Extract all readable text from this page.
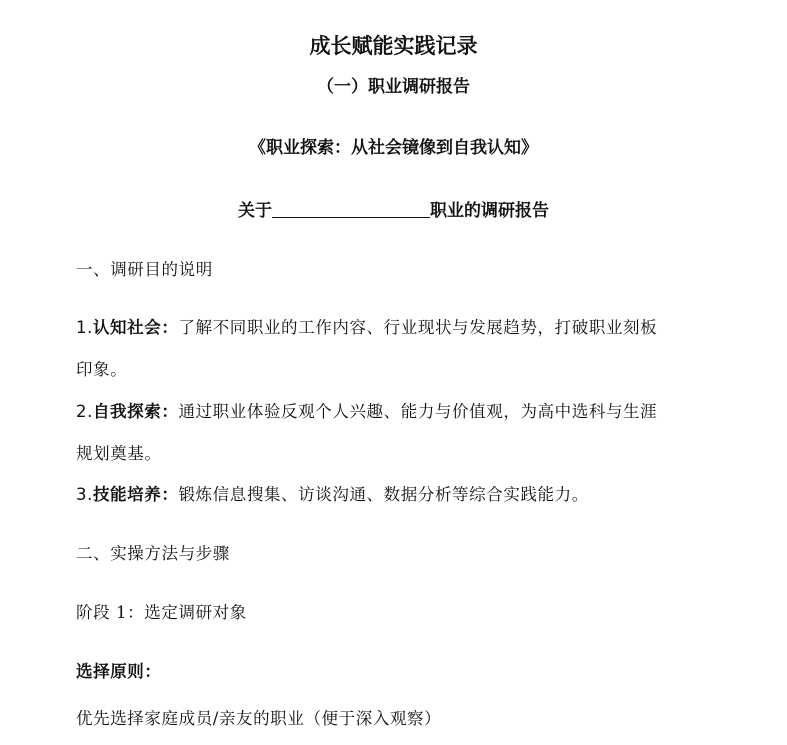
成长赋能实践记录
（一）职业调研报告
《职业探索：从社会镜像到自我认知》
关于	职业的调研报告
一、调研目的说明
1.认知社会：了解不同职业的工作内容、行业现状与发展趋势，打破职业刻板
印象。
2.自我探索：通过职业体验反观个人兴趣、能力与价值观，为高中选科与生涯
规划奠基。
3.技能培养：锻炼信息搜集、访谈沟通、数据分析等综合实践能力。
二、实操方法与步骤
阶段 1：选定调研对象
选择原则：
优先选择家庭成员/亲友的职业（便于深入观察）
